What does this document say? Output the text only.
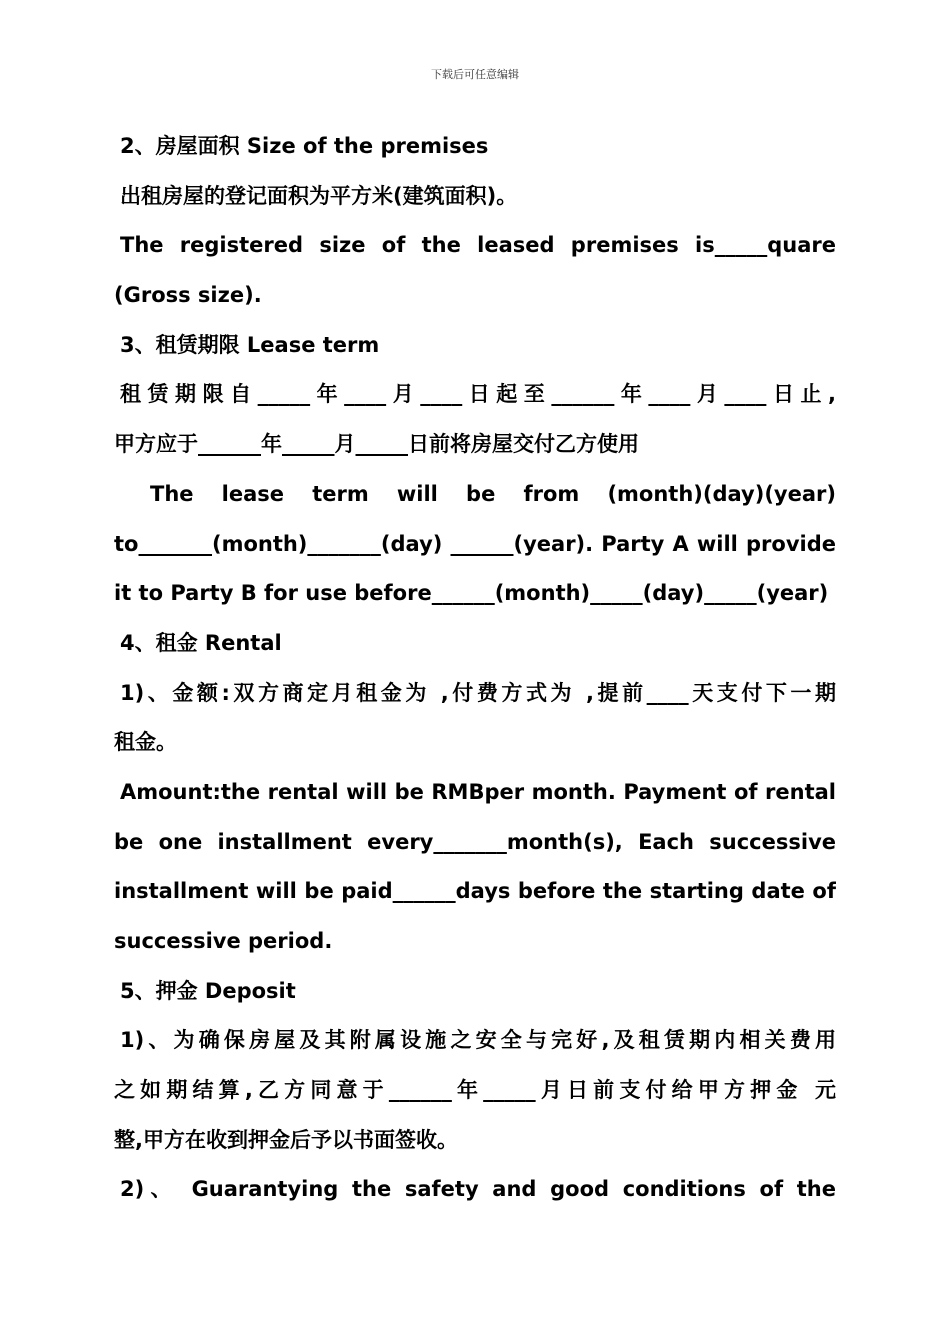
下载后可任意编辑
2、房屋面积 Size of the premises
出租房屋的登记面积为平方米(建筑面积)。
The registered size of the leased premises is_____quare
(Gross size).
3、租赁期限 Lease term
租赁期限自_____年____月____日起至______年____月____日止,
甲方应于______年_____月_____日前将房屋交付乙方使用
The lease term will be from (month)(day)(year)
to_______(month)_______(day) ______(year). Party A will provide
it to Party B for use before______(month)_____(day)_____(year)
4、租金 Rental
1)、金额:双方商定月租金为 ,付费方式为 ,提前____天支付下一期
租金。
Amount:the rental will be RMBper month. Payment of rental
be one installment every_______month(s), Each successive
installment will be paid______days before the starting date of
successive period.
5、押金 Deposit
1)、为确保房屋及其附属设施之安全与完好,及租赁期内相关费用
之如期结算,乙方同意于______年_____月日前支付给甲方押金 元
整,甲方在收到押金后予以书面签收。
2)、 Guarantying the safety and good conditions of the
